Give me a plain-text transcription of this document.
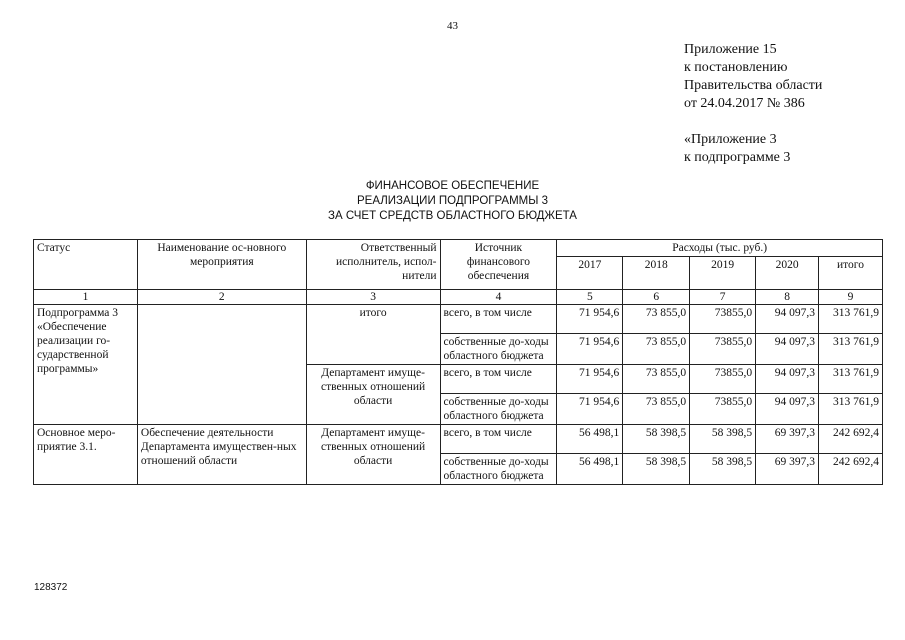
43
Приложение 15
к постановлению
Правительства области
от 24.04.2017 № 386
«Приложение 3
к подпрограмме 3
ФИНАНСОВОЕ ОБЕСПЕЧЕНИЕ
РЕАЛИЗАЦИИ ПОДПРОГРАММЫ 3
ЗА СЧЕТ СРЕДСТВ ОБЛАСТНОГО БЮДЖЕТА
Статус	Наименование ос-новного мероприятия	Ответственный исполнитель, испол-нители	Источник финансового обеспечения	Расходы (тыс. руб.)				
				2017	2018	2019	2020	итого
1	2	3	4	5	6	7	8	9
Подпрограмма 3 «Обеспечение реализации го-сударственной программы»		итого	всего, в том числе	71 954,6	73 855,0	73855,0	94 097,3	313 761,9
			собственные до-ходы областного бюджета	71 954,6	73 855,0	73855,0	94 097,3	313 761,9
		Департамент имуще-ственных отношений области	всего, в том числе	71 954,6	73 855,0	73855,0	94 097,3	313 761,9
			собственные до-ходы областного бюджета	71 954,6	73 855,0	73855,0	94 097,3	313 761,9
Основное меро-приятие 3.1.	Обеспечение деятельности Департамента имуществен-ных отношений области	Департамент имуще-ственных отношений области	всего, в том числе	56 498,1	58 398,5	58 398,5	69 397,3	242 692,4
			собственные до-ходы областного бюджета	56 498,1	58 398,5	58 398,5	69 397,3	242 692,4
128372
